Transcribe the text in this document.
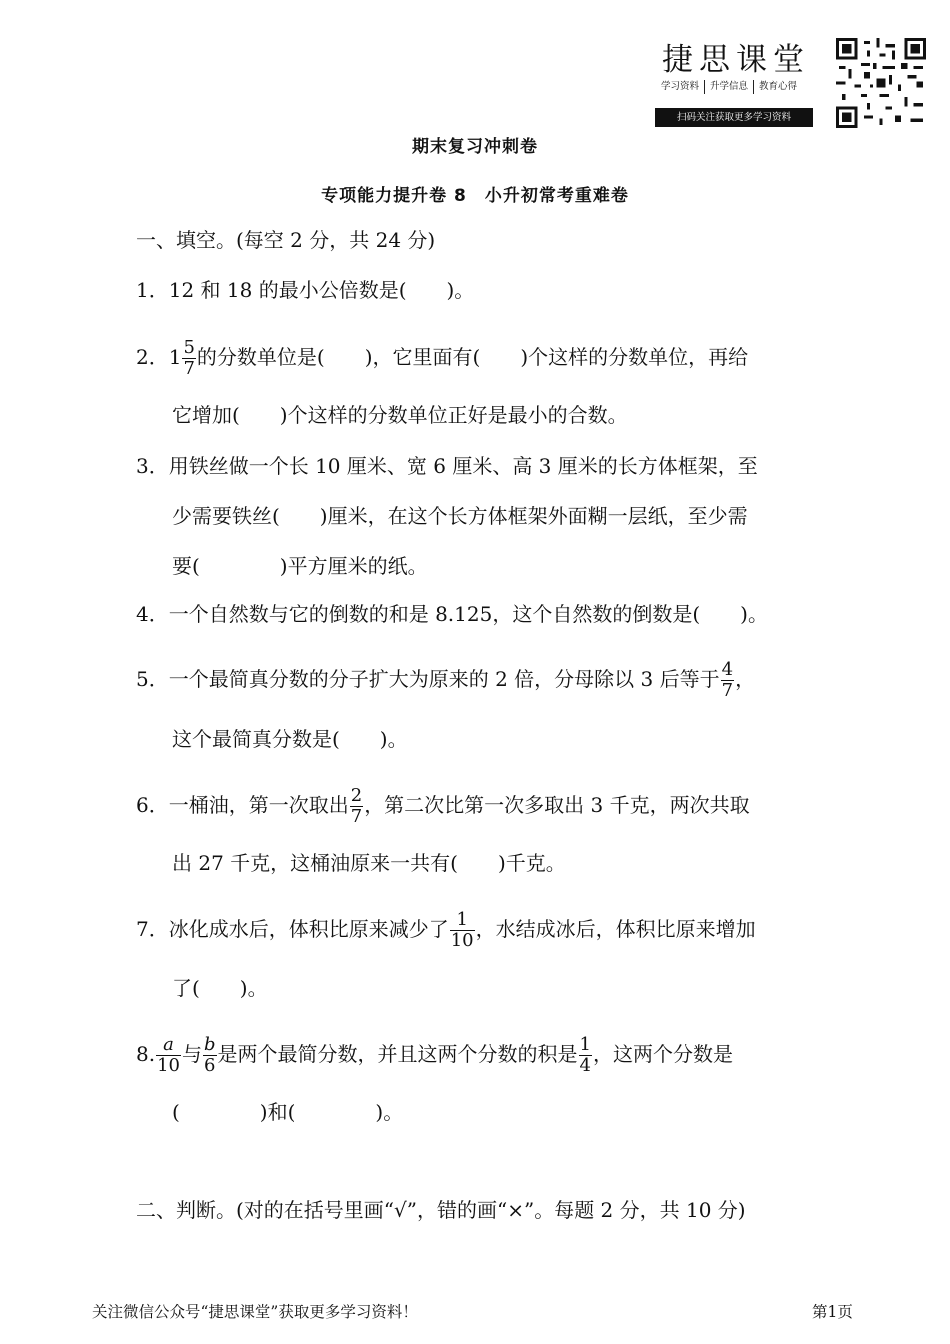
捷思课堂
学习资料	升学信息	教育心得
扫码关注获取更多学习资料
期末复习冲刺卷
专项能力提升卷 8　小升初常考重难卷
一、填空。(每空 2 分，共 24 分)
1．12 和 18 的最小公倍数是(　　)。
2．$1 \frac{5}{7}$ 的分数单位是(　　)，它里面有(　　)个这样的分数单位，再给
它增加(　　)个这样的分数单位正好是最小的合数。
3．用铁丝做一个长 10 厘米、宽 6 厘米、高 3 厘米的长方体框架，至
少需要铁丝(　　)厘米，在这个长方体框架外面糊一层纸，至少需
要(　　　　)平方厘米的纸。
4．一个自然数与它的倒数的和是 8.125，这个自然数的倒数是(　　)。
5．一个最简真分数的分子扩大为原来的 2 倍，分母除以 3 后等于 $\frac{4}{7}$ ，
这个最简真分数是(　　)。
6．一桶油，第一次取出 $\frac{2}{7}$ ，第二次比第一次多取出 3 千克，两次共取
出 27 千克，这桶油原来一共有(　　)千克。
7．冰化成水后，体积比原来减少了 $\frac{1}{10}$ ，水结成冰后，体积比原来增加
了(　　)。
8. $\frac{a}{10}$ 与 $\frac{b}{6}$ 是两个最简分数，并且这两个分数的积是 $\frac{1}{4}$ ，这两个分数是
(　　　　)和(　　　　)。
二、判断。(对的在括号里画“√”，错的画“×”。每题 2 分，共 10 分)
关注微信公众号“捷思课堂”获取更多学习资料！	第1页
